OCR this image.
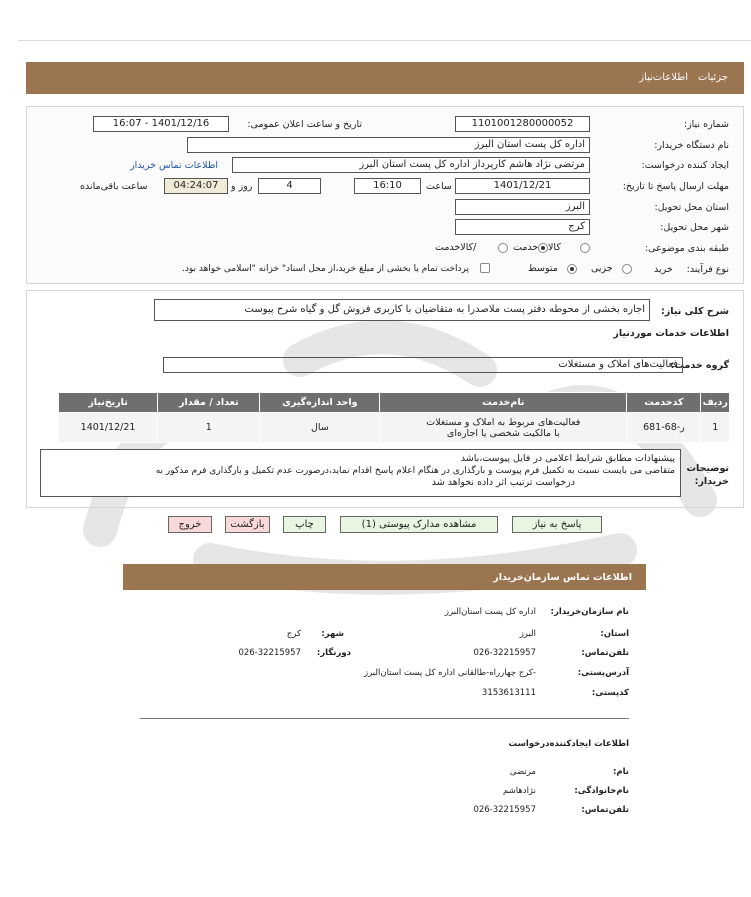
جزئیات
اطلاعات‌نیاز
شماره نیاز:
1101001280000052
تاریخ و ساعت اعلان عمومی:
1401/12/16 - 16:07
نام دستگاه خریدار:
اداره کل پست استان البرز
ایجاد کننده درخواست:
مرتضی نژاد هاشم کارپرداز اداره کل پست استان البرز
اطلاعات تماس خریدار
مهلت ارسال پاسخ تا تاریخ:
1401/12/21
ساعت
16:10
4
روز و
04:24:07
ساعت باقی‌مانده
استان محل تحویل:
البرز
شهر محل تحویل:
کرج
طبقه بندی موضوعی:
کالا
خدمت
/کالاخدمت
نوع فرآیند:
خرید
جزیی
متوسط
پرداخت تمام یا بخشی از مبلغ خرید،از محل اسناد" خزانه "اسلامی خواهد بود.
شرح کلی نیاز:
اجاره بخشی از محوطه دفتر پست ملاصدرا به متقاضیان با کاربری فروش گل و گیاه شرح پیوست
اطلاعات خدمات موردنیاز
گروه خدمت:
فعالیت‌های املاک و مستغلات
ردیف	کدخدمت	نام‌خدمت	واحد اندازه‌گیری	تعداد / مقدار	تاریخ‌نیاز
1	ر-68-681	فعالیت‌های مربوط به املاک و مستغلات
با مالکیت شخصی یا اجاره‌ای	سال	1	1401/12/21
توضیحات خریدار:
پیشنهادات مطابق شرایط اعلامی در فایل پیوست،باشد
متقاضی می بایست نسبت به تکمیل فرم پیوست و بارگذاری در هنگام اعلام پاسخ اقدام نماید،درصورت عدم تکمیل و بارگذاری فرم مذکور به
درخواست ترتیب اثر داده نخواهد شد
پاسخ به نیاز
مشاهده مدارک پیوستی (1)
چاپ
بازگشت
خروج
اطلاعات تماس سازمان‌خریدار
نام سازمان‌خریدار:
اداره کل پست استان‌البرز
استان:
البرز
شهر:
کرج
تلفن‌تماس:
026-32215957
دورنگار:
026-32215957
آدرس‌پستی:
-کرج چهارراه-طالقانی اداره کل پست استان‌البرز
کدپستی:
3153613111
اطلاعات ایجادکننده‌درخواست
نام:
مرتضی
نام‌خانوادگی:
نژادهاشم
تلفن‌تماس:
026-32215957
